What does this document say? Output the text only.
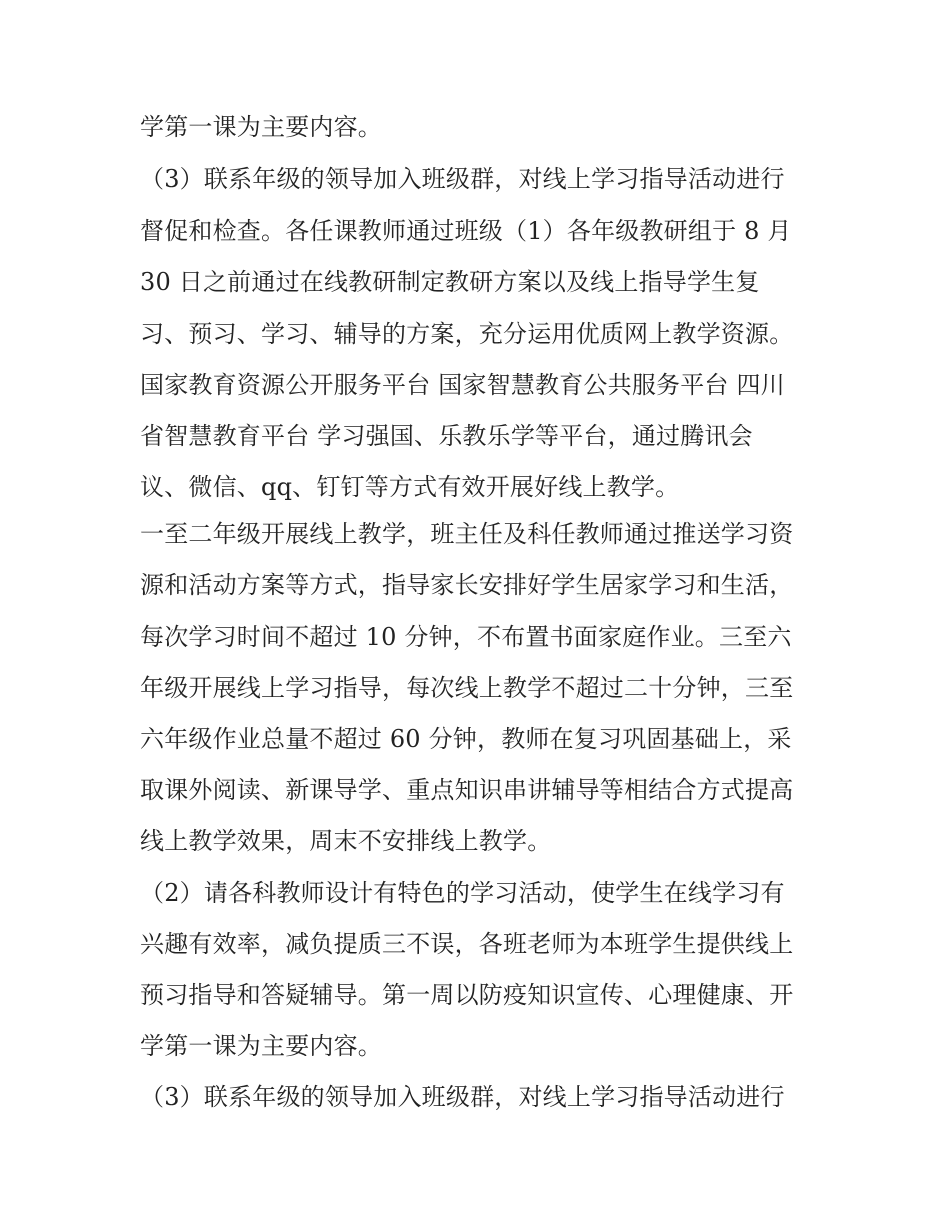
学第一课为主要内容。
（3）联系年级的领导加入班级群，对线上学习指导活动进行
督促和检查。各任课教师通过班级（1）各年级教研组于 8 月
30 日之前通过在线教研制定教研方案以及线上指导学生复
习、预习、学习、辅导的方案，充分运用优质网上教学资源。
国家教育资源公开服务平台 国家智慧教育公共服务平台 四川
省智慧教育平台 学习强国、乐教乐学等平台，通过腾讯会
议、微信、qq、钉钉等方式有效开展好线上教学。
一至二年级开展线上教学，班主任及科任教师通过推送学习资
源和活动方案等方式，指导家长安排好学生居家学习和生活，
每次学习时间不超过 10 分钟，不布置书面家庭作业。三至六
年级开展线上学习指导，每次线上教学不超过二十分钟，三至
六年级作业总量不超过 60 分钟，教师在复习巩固基础上，采
取课外阅读、新课导学、重点知识串讲辅导等相结合方式提高
线上教学效果，周末不安排线上教学。
（2）请各科教师设计有特色的学习活动，使学生在线学习有
兴趣有效率，减负提质三不误，各班老师为本班学生提供线上
预习指导和答疑辅导。第一周以防疫知识宣传、心理健康、开
学第一课为主要内容。
（3）联系年级的领导加入班级群，对线上学习指导活动进行
